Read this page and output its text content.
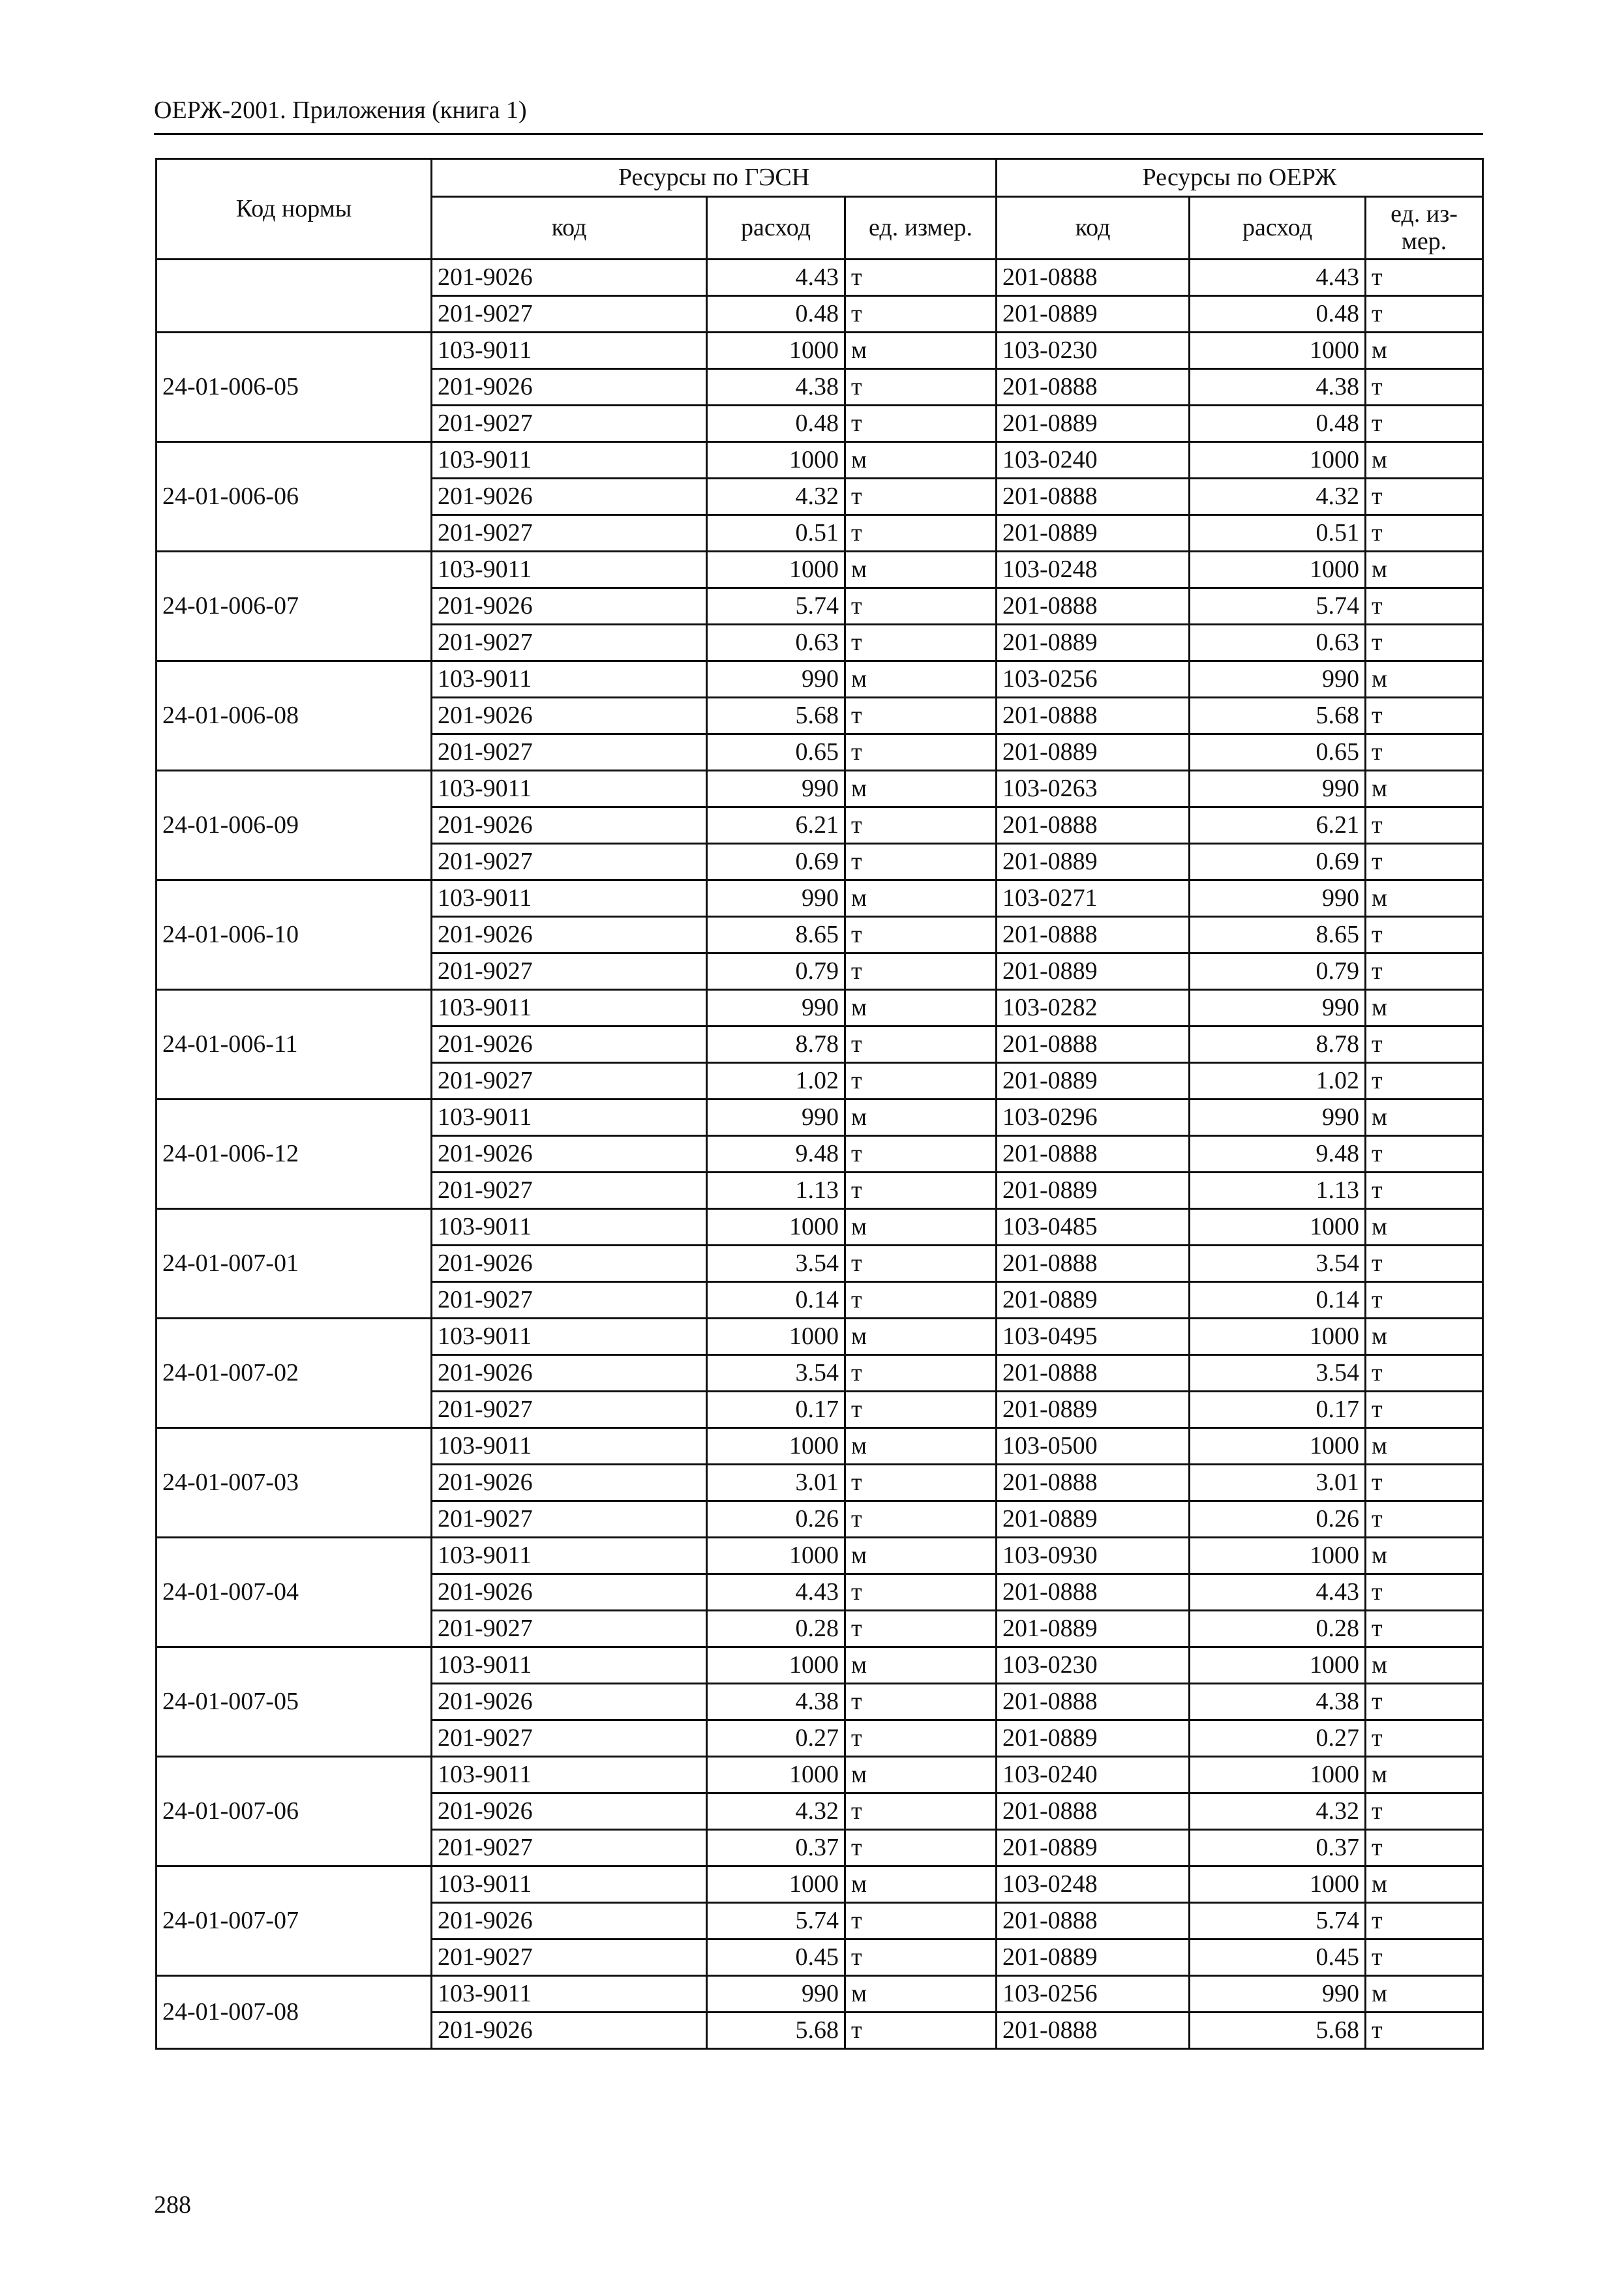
ОЕРЖ-2001. Приложения (книга 1)
Код нормы	Ресурсы по ГЭСН			Ресурсы по ОЕРЖ		
	код	расход	ед. измер.	код	расход	ед. из-
мер.
	201-9026	4.43	т	201-0888	4.43	т
	201-9027	0.48	т	201-0889	0.48	т
24-01-006-05	103-9011	1000	м	103-0230	1000	м
	201-9026	4.38	т	201-0888	4.38	т
	201-9027	0.48	т	201-0889	0.48	т
24-01-006-06	103-9011	1000	м	103-0240	1000	м
	201-9026	4.32	т	201-0888	4.32	т
	201-9027	0.51	т	201-0889	0.51	т
24-01-006-07	103-9011	1000	м	103-0248	1000	м
	201-9026	5.74	т	201-0888	5.74	т
	201-9027	0.63	т	201-0889	0.63	т
24-01-006-08	103-9011	990	м	103-0256	990	м
	201-9026	5.68	т	201-0888	5.68	т
	201-9027	0.65	т	201-0889	0.65	т
24-01-006-09	103-9011	990	м	103-0263	990	м
	201-9026	6.21	т	201-0888	6.21	т
	201-9027	0.69	т	201-0889	0.69	т
24-01-006-10	103-9011	990	м	103-0271	990	м
	201-9026	8.65	т	201-0888	8.65	т
	201-9027	0.79	т	201-0889	0.79	т
24-01-006-11	103-9011	990	м	103-0282	990	м
	201-9026	8.78	т	201-0888	8.78	т
	201-9027	1.02	т	201-0889	1.02	т
24-01-006-12	103-9011	990	м	103-0296	990	м
	201-9026	9.48	т	201-0888	9.48	т
	201-9027	1.13	т	201-0889	1.13	т
24-01-007-01	103-9011	1000	м	103-0485	1000	м
	201-9026	3.54	т	201-0888	3.54	т
	201-9027	0.14	т	201-0889	0.14	т
24-01-007-02	103-9011	1000	м	103-0495	1000	м
	201-9026	3.54	т	201-0888	3.54	т
	201-9027	0.17	т	201-0889	0.17	т
24-01-007-03	103-9011	1000	м	103-0500	1000	м
	201-9026	3.01	т	201-0888	3.01	т
	201-9027	0.26	т	201-0889	0.26	т
24-01-007-04	103-9011	1000	м	103-0930	1000	м
	201-9026	4.43	т	201-0888	4.43	т
	201-9027	0.28	т	201-0889	0.28	т
24-01-007-05	103-9011	1000	м	103-0230	1000	м
	201-9026	4.38	т	201-0888	4.38	т
	201-9027	0.27	т	201-0889	0.27	т
24-01-007-06	103-9011	1000	м	103-0240	1000	м
	201-9026	4.32	т	201-0888	4.32	т
	201-9027	0.37	т	201-0889	0.37	т
24-01-007-07	103-9011	1000	м	103-0248	1000	м
	201-9026	5.74	т	201-0888	5.74	т
	201-9027	0.45	т	201-0889	0.45	т
24-01-007-08	103-9011	990	м	103-0256	990	м
	201-9026	5.68	т	201-0888	5.68	т
288
